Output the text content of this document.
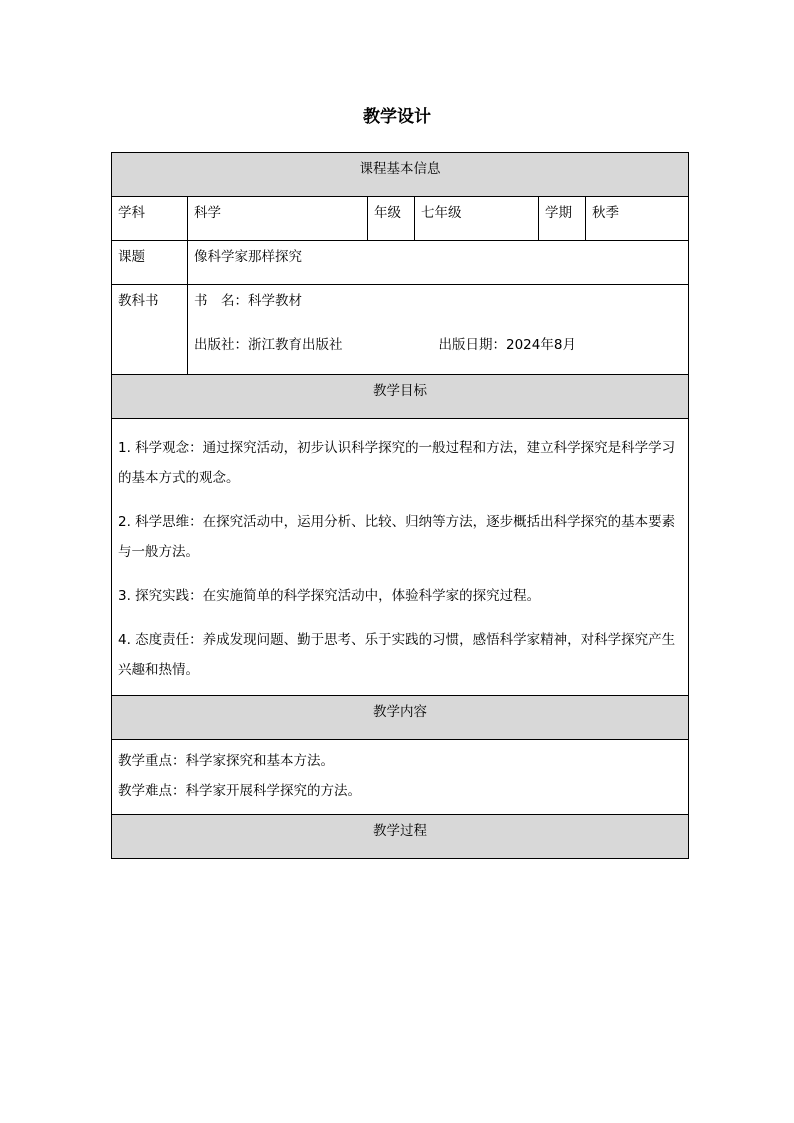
教学设计
课程基本信息					
学科	科学	年级	七年级	学期	秋季
课题	像科学家那样探究				
教科书	书　名：科学教材
出版社：浙江教育出版社 出版日期：2024年8月				

教学目标					

1. 科学观念：通过探究活动，初步认识科学探究的一般过程和方法，建立科学探究是科学学习的基本方式的观念。
2. 科学思维：在探究活动中，运用分析、比较、归纳等方法，逐步概括出科学探究的基本要素与一般方法。
3. 探究实践：在实施简单的科学探究活动中，体验科学家的探究过程。
4. 态度责任：养成发现问题、勤于思考、乐于实践的习惯，感悟科学家精神，对科学探究产生兴趣和热情。					

教学内容					

教学重点：科学家探究和基本方法。
教学难点：科学家开展科学探究的方法。					

教学过程					
